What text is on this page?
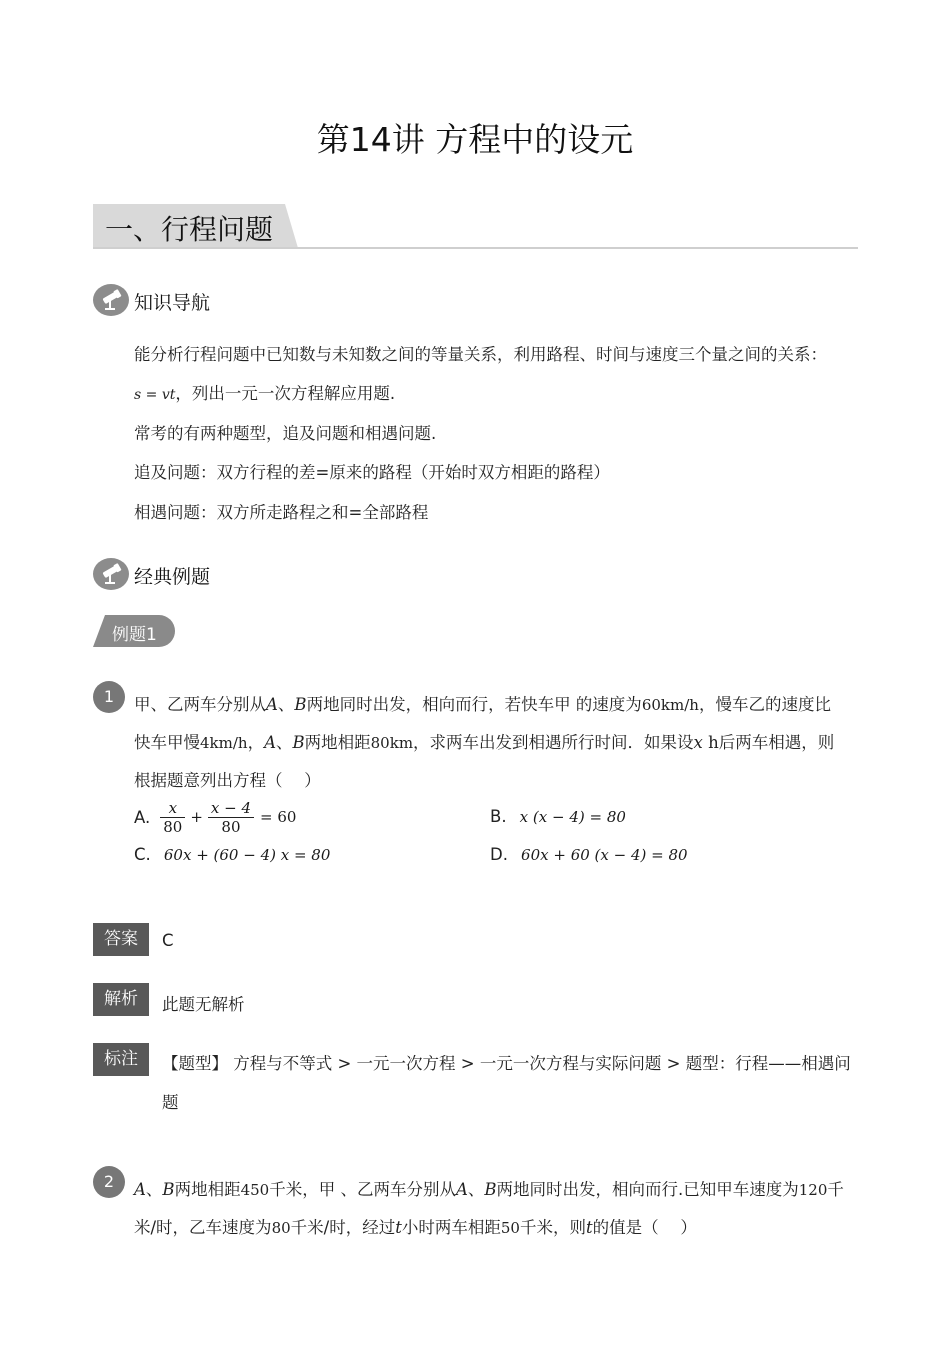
第14讲 方程中的设元
一、行程问题
知识导航
能分析行程问题中已知数与未知数之间的等量关系，利用路程、时间与速度三个量之间的关系：
s = vt，列出一元一次方程解应用题.
常考的有两种题型，追及问题和相遇问题.
追及问题：双方行程的差=原来的路程（开始时双方相距的路程）
相遇问题：双方所走路程之和=全部路程
经典例题
例题1
1	甲、乙两车分别从A、B两地同时出发，相向而行，若快车甲 的速度为60km/h，慢车乙的速度比
快车甲慢4km/h，A、B两地相距80km，求两车出发到相遇所行时间．如果设x h后两车相遇，则
根据题意列出方程（　 ）
A. $\frac{x}{80} + \frac{x - 4}{80} = 60$	B. x (x − 4) = 80
C. 60x + (60 − 4) x = 80	D. 60x + 60 (x − 4) = 80
答案	C
解析	此题无解析
标注	【题型】 方程与不等式 > 一元一次方程 > 一元一次方程与实际问题 > 题型：行程——相遇问
题
2	A、B两地相距450千米，甲 、乙两车分别从A、B两地同时出发，相向而行.已知甲车速度为120千
米/时，乙车速度为80千米/时，经过t小时两车相距50千米，则t的值是（　 ）
